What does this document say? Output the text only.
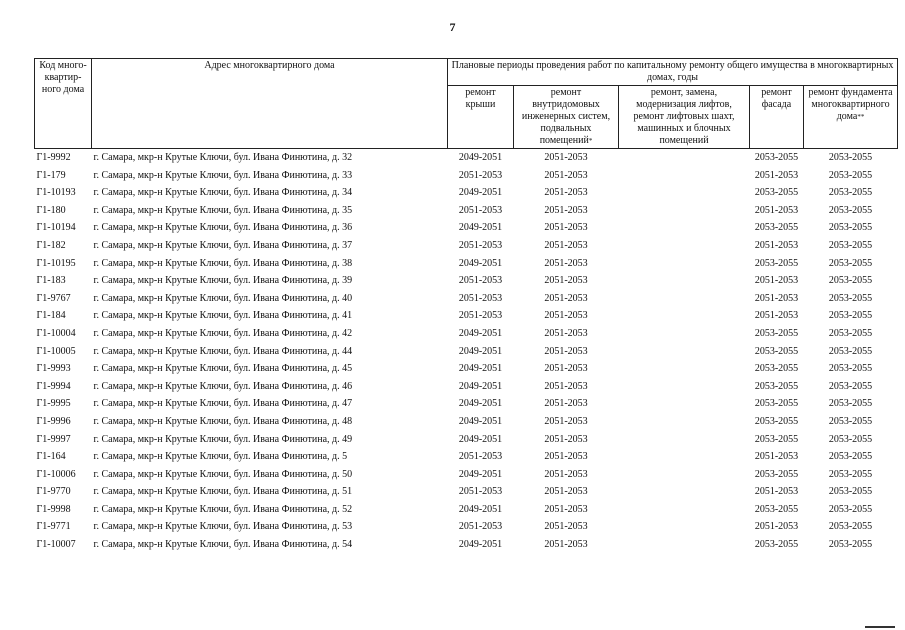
7
Код много-квартир-ного дома	Адрес многоквартирного дома	Плановые периоды проведения работ по капитальному ремонту общего имущества в многоквартирных домах, годы				
		ремонт крыши	ремонт внутридомовых инженерных систем, подвальных помещений*	ремонт, замена, модернизация лифтов, ремонт лифтовых шахт, машинных и блочных помещений	ремонт фасада	ремонт фундамента многоквартирного дома**
Г1-9992	г. Самара, мкр-н Крутые Ключи, бул. Ивана Финютина, д. 32	2049-2051	2051-2053		2053-2055	2053-2055
Г1-179	г. Самара, мкр-н Крутые Ключи, бул. Ивана Финютина, д. 33	2051-2053	2051-2053		2051-2053	2053-2055
Г1-10193	г. Самара, мкр-н Крутые Ключи, бул. Ивана Финютина, д. 34	2049-2051	2051-2053		2053-2055	2053-2055
Г1-180	г. Самара, мкр-н Крутые Ключи, бул. Ивана Финютина, д. 35	2051-2053	2051-2053		2051-2053	2053-2055
Г1-10194	г. Самара, мкр-н Крутые Ключи, бул. Ивана Финютина, д. 36	2049-2051	2051-2053		2053-2055	2053-2055
Г1-182	г. Самара, мкр-н Крутые Ключи, бул. Ивана Финютина, д. 37	2051-2053	2051-2053		2051-2053	2053-2055
Г1-10195	г. Самара, мкр-н Крутые Ключи, бул. Ивана Финютина, д. 38	2049-2051	2051-2053		2053-2055	2053-2055
Г1-183	г. Самара, мкр-н Крутые Ключи, бул. Ивана Финютина, д. 39	2051-2053	2051-2053		2051-2053	2053-2055
Г1-9767	г. Самара, мкр-н Крутые Ключи, бул. Ивана Финютина, д. 40	2051-2053	2051-2053		2051-2053	2053-2055
Г1-184	г. Самара, мкр-н Крутые Ключи, бул. Ивана Финютина, д. 41	2051-2053	2051-2053		2051-2053	2053-2055
Г1-10004	г. Самара, мкр-н Крутые Ключи, бул. Ивана Финютина, д. 42	2049-2051	2051-2053		2053-2055	2053-2055
Г1-10005	г. Самара, мкр-н Крутые Ключи, бул. Ивана Финютина, д. 44	2049-2051	2051-2053		2053-2055	2053-2055
Г1-9993	г. Самара, мкр-н Крутые Ключи, бул. Ивана Финютина, д. 45	2049-2051	2051-2053		2053-2055	2053-2055
Г1-9994	г. Самара, мкр-н Крутые Ключи, бул. Ивана Финютина, д. 46	2049-2051	2051-2053		2053-2055	2053-2055
Г1-9995	г. Самара, мкр-н Крутые Ключи, бул. Ивана Финютина, д. 47	2049-2051	2051-2053		2053-2055	2053-2055
Г1-9996	г. Самара, мкр-н Крутые Ключи, бул. Ивана Финютина, д. 48	2049-2051	2051-2053		2053-2055	2053-2055
Г1-9997	г. Самара, мкр-н Крутые Ключи, бул. Ивана Финютина, д. 49	2049-2051	2051-2053		2053-2055	2053-2055
Г1-164	г. Самара, мкр-н Крутые Ключи, бул. Ивана Финютина, д. 5	2051-2053	2051-2053		2051-2053	2053-2055
Г1-10006	г. Самара, мкр-н Крутые Ключи, бул. Ивана Финютина, д. 50	2049-2051	2051-2053		2053-2055	2053-2055
Г1-9770	г. Самара, мкр-н Крутые Ключи, бул. Ивана Финютина, д. 51	2051-2053	2051-2053		2051-2053	2053-2055
Г1-9998	г. Самара, мкр-н Крутые Ключи, бул. Ивана Финютина, д. 52	2049-2051	2051-2053		2053-2055	2053-2055
Г1-9771	г. Самара, мкр-н Крутые Ключи, бул. Ивана Финютина, д. 53	2051-2053	2051-2053		2051-2053	2053-2055
Г1-10007	г. Самара, мкр-н Крутые Ключи, бул. Ивана Финютина, д. 54	2049-2051	2051-2053		2053-2055	2053-2055
